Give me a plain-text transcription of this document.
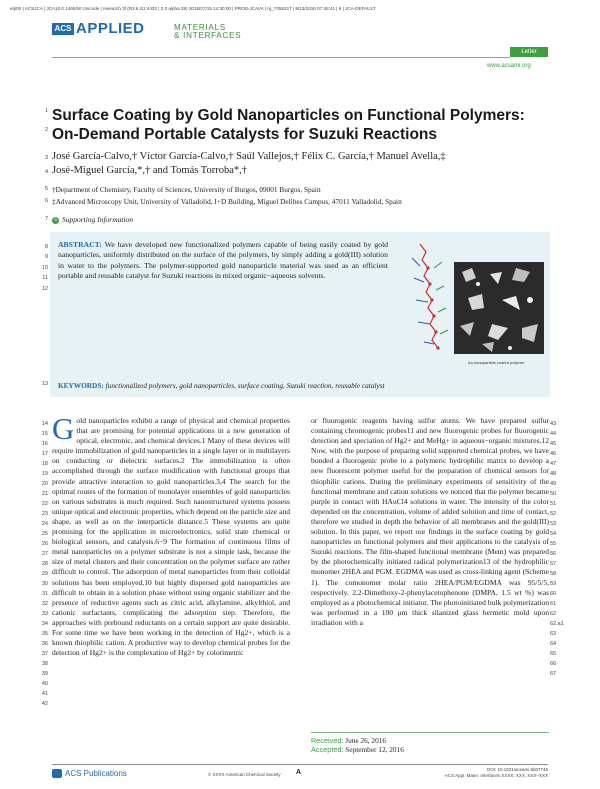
elp00 | ACSJCA | JCA10.0.1465/W Unicode | research.3f (R3.6.i11:4432 | 2.0 alpha 39) 2015/07/15 14:30:00 | PROD-JCAVA | rq_7058317 | 9/13/2016 07:48:41 | 6 | JCA-DEFAULT
ACS APPLIED	MATERIALS
& INTERFACES
Letter
www.acsami.org
1
2
3
4
5
6
7
8
9
10
11
12
13
14
15
16
17
18
19
20
21
22
23
24
25
26
27
28
29
30
31
32
33
34
35
36
37
38
39
40
41
42
43
44
45
46
47
48
49
50
51
52
53
54
55
56
57
58
59
60
61
62
62.a1
63
64
65
66
67
Surface Coating by Gold Nanoparticles on Functional Polymers: On-Demand Portable Catalysts for Suzuki Reactions
José García-Calvo,† Víctor García-Calvo,† Saúl Vallejos,† Félix C. García,† Manuel Avella,‡
José-Miguel García,*,† and Tomás Torroba*,†
†Department of Chemistry, Faculty of Sciences, University of Burgos, 09001 Burgos, Spain
‡Advanced Microscopy Unit, University of Valladolid, I+D Building, Miguel Delibes Campus, 47011 Valladolid, Spain
S Supporting Information
ABSTRACT: We have developed new functionalized polymers capable of being easily coated by gold nanoparticles, uniformly distributed on the surface of the polymers, by simply adding a gold(III) solution in water to the polymers. The polymer-supported gold nanoparticle material was used as an efficient portable and reusable catalyst for Suzuki reactions in mixed organic−aqueous solvents.
Au nanoparticle coated polymer
KEYWORDS: functionalized polymers, gold nanoparticles, surface coating, Suzuki reaction, reusable catalyst
Gold nanoparticles exhibit a range of physical and chemical properties that are promising for potential applications in a new generation of optical, electronic, and chemical devices.1 Many of these devices will require immobilization of gold nanoparticles in a single layer or in multilayers on conducting or dielectric surfaces.2 The immobilization is often accomplished through the surface modification with functional groups that provide attractive interaction to gold nanoparticles.3,4 The search for the optimal routes of the formation of monolayer ensembles of gold nanoparticles on various substrates is much required. Such nanostructured systems possess unique optical and electronic properties, which depend on the particle size and shape, as well as on the interparticle distance.5 These systems are quite promising for the application in microelectronics, solid state chemical or biological sensors, and catalysis.6−9 The formation of continuous films of metal nanoparticles on a polymer substrate is not a simple task, because the size of metal clusters and their concentration on the polymer surface are rather difficult to control. The adsorption of metal nanoparticles from their colloidal solutions has been employed,10 but highly dispersed gold nanoparticles are difficult to obtain in a solution phase without using organic stabilizer and the presence of reductive agents such as citric acid, alkylamine, alkylthiol, and cationic surfactants, complicating the adsorption step. Therefore, the approaches with prebound reductants on a certain support are quite desirable. For some time we have been working in the detection of Hg2+, which is a known thiophilic cation. A productive way to develop chemical probes for the detection of Hg2+ is the complexation of Hg2+ by colorimetric
or fluorogenic reagents having sulfur atoms. We have prepared sulfur containing chromogenic probes11 and new fluorogenic probes for fluorogenic detection and speciation of Hg2+ and MeHg+ in aqueous−organic mixtures.12 Now, with the purpose of preparing solid supported chemical probes, we have bonded a fluorogenic probe to a polymeric hydrophilic matrix to develop a new fluorescent polymer useful for the preparation of chemical sensors for thiophilic cations. During the preliminary experiments of sensitivity of the functional membrane and cation solutions we noticed that the polymer became purple in contact with HAuCl4 solutions in water. The intensity of the color depended on the concentration, volume of added solution and time of contact, therefore we studied in depth the behavior of all membranes and the gold(III) solution. In this paper, we report our findings in the surface coating by gold nanoparticles on functional polymers and their applications to the catalysis of Suzuki reactions. The film-shaped functional membrane (Mem) was prepared by the photochemically initiated radical polymerization13 of the hydrophilic monomer 2HEA and PGM. EGDMA was used as cross-linking agent (Scheme 1). The comonomer molar ratio 2HEA/PGM/EGDMA was 95/5/5, respectively. 2,2-Dimethoxy-2-phenylacetophenone (DMPA, 1.5 wt %) was employed as a photochemical initiator. The photoinitiated bulk polymerization was performed in a 100 μm thick silanized glass hermetic mold upon irradiation with a
Received: June 26, 2016
Accepted: September 12, 2016
ACS Publications	© XXXX American Chemical Society A	DOI: 10.1021/acsami.6b07746
ACS Appl. Mater. Interfaces XXXX, XXX, XXX−XXX
